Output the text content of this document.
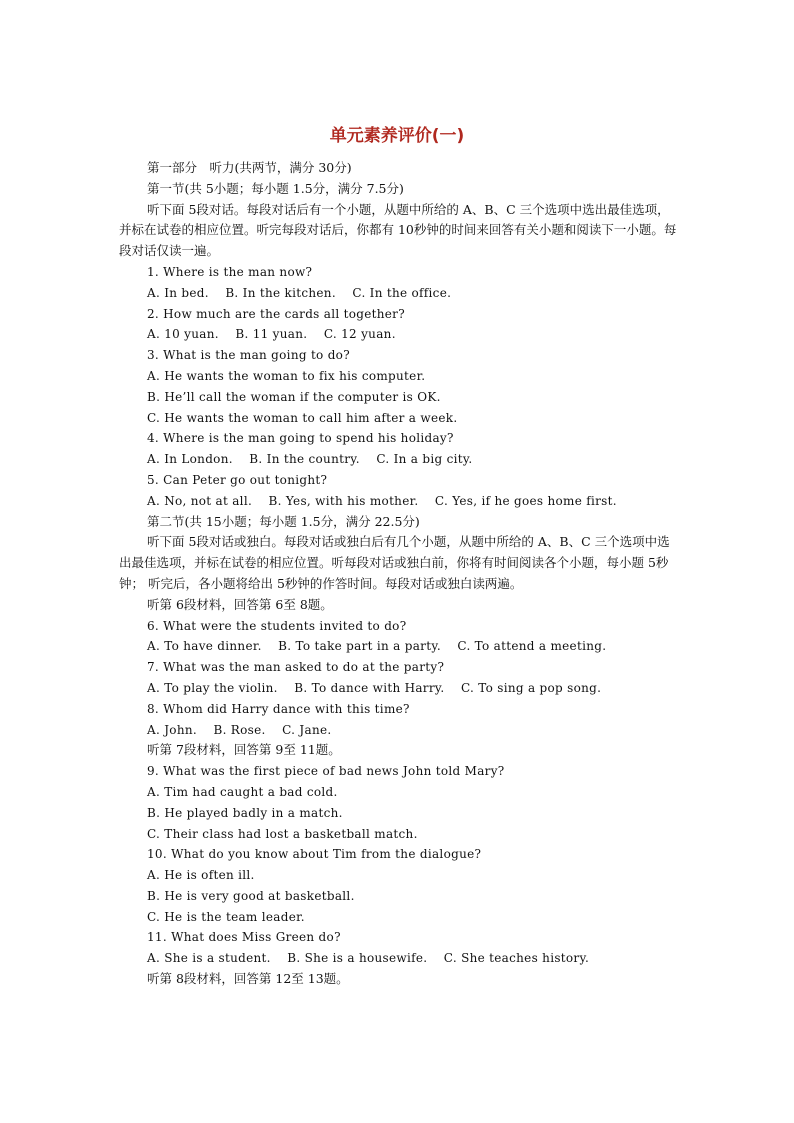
单元素养评价(一)

第一部分　听力(共两节，满分 30分)

第一节(共 5小题；每小题 1.5分，满分 7.5分)

听下面 5段对话。每段对话后有一个小题，从题中所给的 A、B、C 三个选项中选出最佳选项，并标在试卷的相应位置。听完每段对话后，你都有 10秒钟的时间来回答有关小题和阅读下一小题。每段对话仅读一遍。

1. Where is the man now?

A. In bed.    B. In the kitchen.    C. In the office.

2. How much are the cards all together?

A. 10 yuan.    B. 11 yuan.    C. 12 yuan.

3. What is the man going to do?

A. He wants the woman to fix his computer.

B. He’ll call the woman if the computer is OK.

C. He wants the woman to call him after a week.

4. Where is the man going to spend his holiday?

A. In London.    B. In the country.    C. In a big city.

5. Can Peter go out tonight?

A. No, not at all.    B. Yes, with his mother.    C. Yes, if he goes home first.

第二节(共 15小题；每小题 1.5分，满分 22.5分)

听下面 5段对话或独白。每段对话或独白后有几个小题，从题中所给的 A、B、C 三个选项中选出最佳选项，并标在试卷的相应位置。听每段对话或独白前，你将有时间阅读各个小题，每小题 5秒钟； 听完后，各小题将给出 5秒钟的作答时间。每段对话或独白读两遍。

听第 6段材料，回答第 6至 8题。

6. What were the students invited to do?

A. To have dinner.    B. To take part in a party.    C. To attend a meeting.

7. What was the man asked to do at the party?

A. To play the violin.    B. To dance with Harry.    C. To sing a pop song.

8. Whom did Harry dance with this time?

A. John.    B. Rose.    C. Jane.

听第 7段材料，回答第 9至 11题。

9. What was the first piece of bad news John told Mary?

A. Tim had caught a bad cold.

B. He played badly in a match.

C. Their class had lost a basketball match.

10. What do you know about Tim from the dialogue?

A. He is often ill.

B. He is very good at basketball.

C. He is the team leader.

11. What does Miss Green do?

A. She is a student.    B. She is a housewife.    C. She teaches history.

听第 8段材料，回答第 12至 13题。
